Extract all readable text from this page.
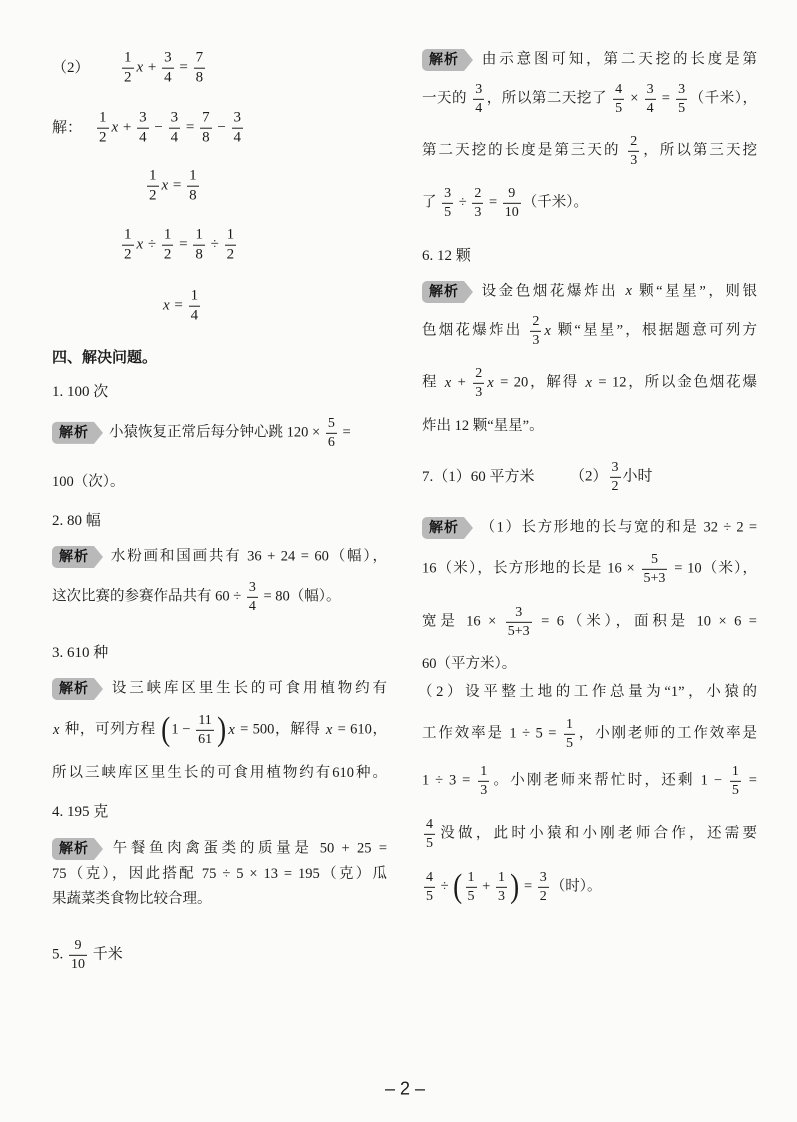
$(2) \frac{1}{2}$ $x + \frac{3}{4} = \frac{7}{8}$
解： $\frac{1}{2}$ $x + \frac{3}{4} - \frac{3}{4} = \frac{7}{8} - \frac{3}{4}$
$\frac{1}{2}$ $x = \frac{1}{8}$
$\frac{1}{2}$ $x \div \frac{1}{2} = \frac{1}{8} \div \frac{1}{2}$
$x = \frac{1}{4}$
四、解决问题。
1. 100 次
解析 小猿恢复正常后每分钟心跳 $120 \times \frac{5}{6}$ =
100（次）。
2. 80 幅
解析 水粉画和国画共有 36 + 24 = 60（幅），
这次比赛的参赛作品共有 $60 \div \frac{3}{4} = 80$（幅）。
3. 610 种
解析 设三峡库区里生长的可食用植物约有
x 种，可列方程 ($1 - \frac{11}{61}$ ) x = 500，解得 x = 610，
所以三峡库区里生长的可食用植物约有610种。
4. 195 克
解析 午餐鱼肉禽蛋类的质量是 50 + 25 =
75（克），因此搭配 75 ÷ 5 × 13 = 195（克）瓜
果蔬菜类食物比较合理。
5. $\frac{9}{10}$ 千米
解析 由示意图可知，第二天挖的长度是第
一天的 $\frac{3}{4}$ ，所以第二天挖了 $\frac{4}{5} \times \frac{3}{4} = \frac{3}{5}$ （千米），
第二天挖的长度是第三天的 $\frac{2}{3}$ ，所以第三天挖
了 $\frac{3}{5} \div \frac{2}{3} = \frac{9}{10}$ （千米）。
6. 12 颗
解析 设金色烟花爆炸出 x 颗“星星”，则银
色烟花爆炸出 $\frac{2}{3}$ x 颗“星星”，根据题意可列方
程 $x + \frac{2}{3}$ x = 20，解得 x = 12，所以金色烟花爆
炸出 12 颗“星星”。
7.（1）60 平方米 $(2) \frac{3}{2}$ 小时
解析 （1）长方形地的长与宽的和是 32 ÷ 2 =
16（米），长方形地的长是 $16 \times \frac{5}{5+3} = 10$（米），
宽是 $16 \times \frac{3}{5+3} = 6$（米），面积是 10 × 6 =
60（平方米）。
（2）设平整土地的工作总量为“1”，小猿的
工作效率是 $1 \div 5 = \frac{1}{5}$ ，小刚老师的工作效率是
$1 \div 3 = \frac{1}{3}$ 。小刚老师来帮忙时，还剩 $1 - \frac{1}{5}$ =
$\frac{4}{5}$ 没做，此时小猿和小刚老师合作，还需要
$\frac{4}{5}$ ÷ ( $\frac{1}{5} + \frac{1}{3}$ ) = $\frac{3}{2}$ （时）。
– 2 –
